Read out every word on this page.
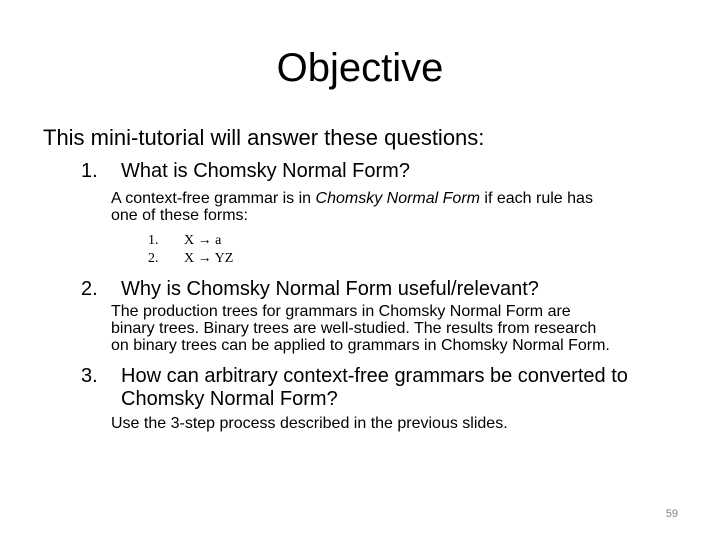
Objective
This mini-tutorial will answer these questions:
1.	What is Chomsky Normal Form?
A context-free grammar is in Chomsky Normal Form if each rule has
one of these forms:
1. X → a
2. X → YZ
2.	Why is Chomsky Normal Form useful/relevant?
The production trees for grammars in Chomsky Normal Form are
binary trees. Binary trees are well-studied. The results from research
on binary trees can be applied to grammars in Chomsky Normal Form.
3.	How can arbitrary context-free grammars be converted to Chomsky Normal Form?
Use the 3-step process described in the previous slides.
59
